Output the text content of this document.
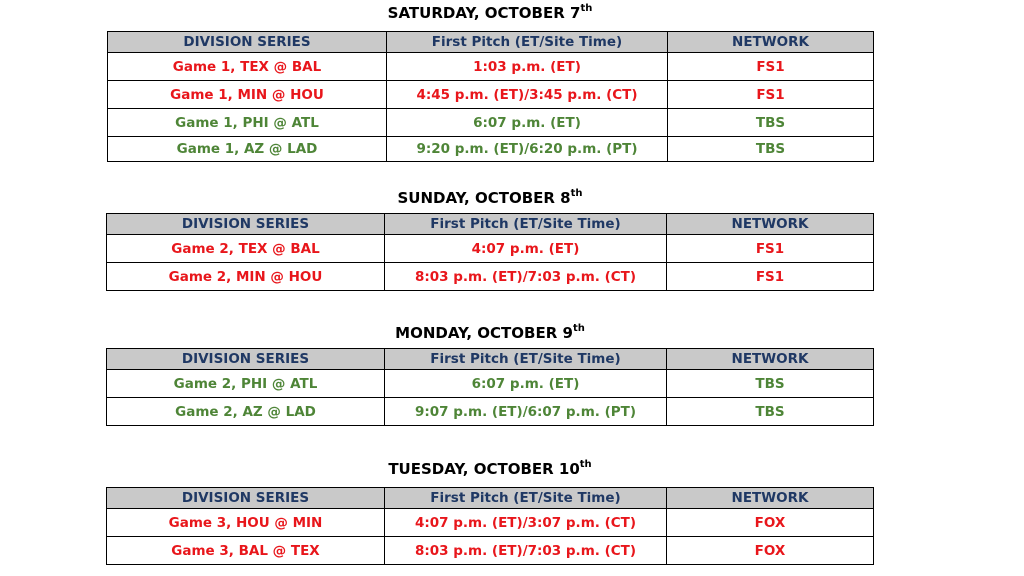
SATURDAY, OCTOBER 7th
DIVISION SERIES	First Pitch (ET/Site Time)	NETWORK
Game 1, TEX @ BAL	1:03 p.m. (ET)	FS1
Game 1, MIN @ HOU	4:45 p.m. (ET)/3:45 p.m. (CT)	FS1
Game 1, PHI @ ATL	6:07 p.m. (ET)	TBS
Game 1, AZ @ LAD	9:20 p.m. (ET)/6:20 p.m. (PT)	TBS
SUNDAY, OCTOBER 8th
DIVISION SERIES	First Pitch (ET/Site Time)	NETWORK
Game 2, TEX @ BAL	4:07 p.m. (ET)	FS1
Game 2, MIN @ HOU	8:03 p.m. (ET)/7:03 p.m. (CT)	FS1
MONDAY, OCTOBER 9th
DIVISION SERIES	First Pitch (ET/Site Time)	NETWORK
Game 2, PHI @ ATL	6:07 p.m. (ET)	TBS
Game 2, AZ @ LAD	9:07 p.m. (ET)/6:07 p.m. (PT)	TBS
TUESDAY, OCTOBER 10th
DIVISION SERIES	First Pitch (ET/Site Time)	NETWORK
Game 3, HOU @ MIN	4:07 p.m. (ET)/3:07 p.m. (CT)	FOX
Game 3, BAL @ TEX	8:03 p.m. (ET)/7:03 p.m. (CT)	FOX
